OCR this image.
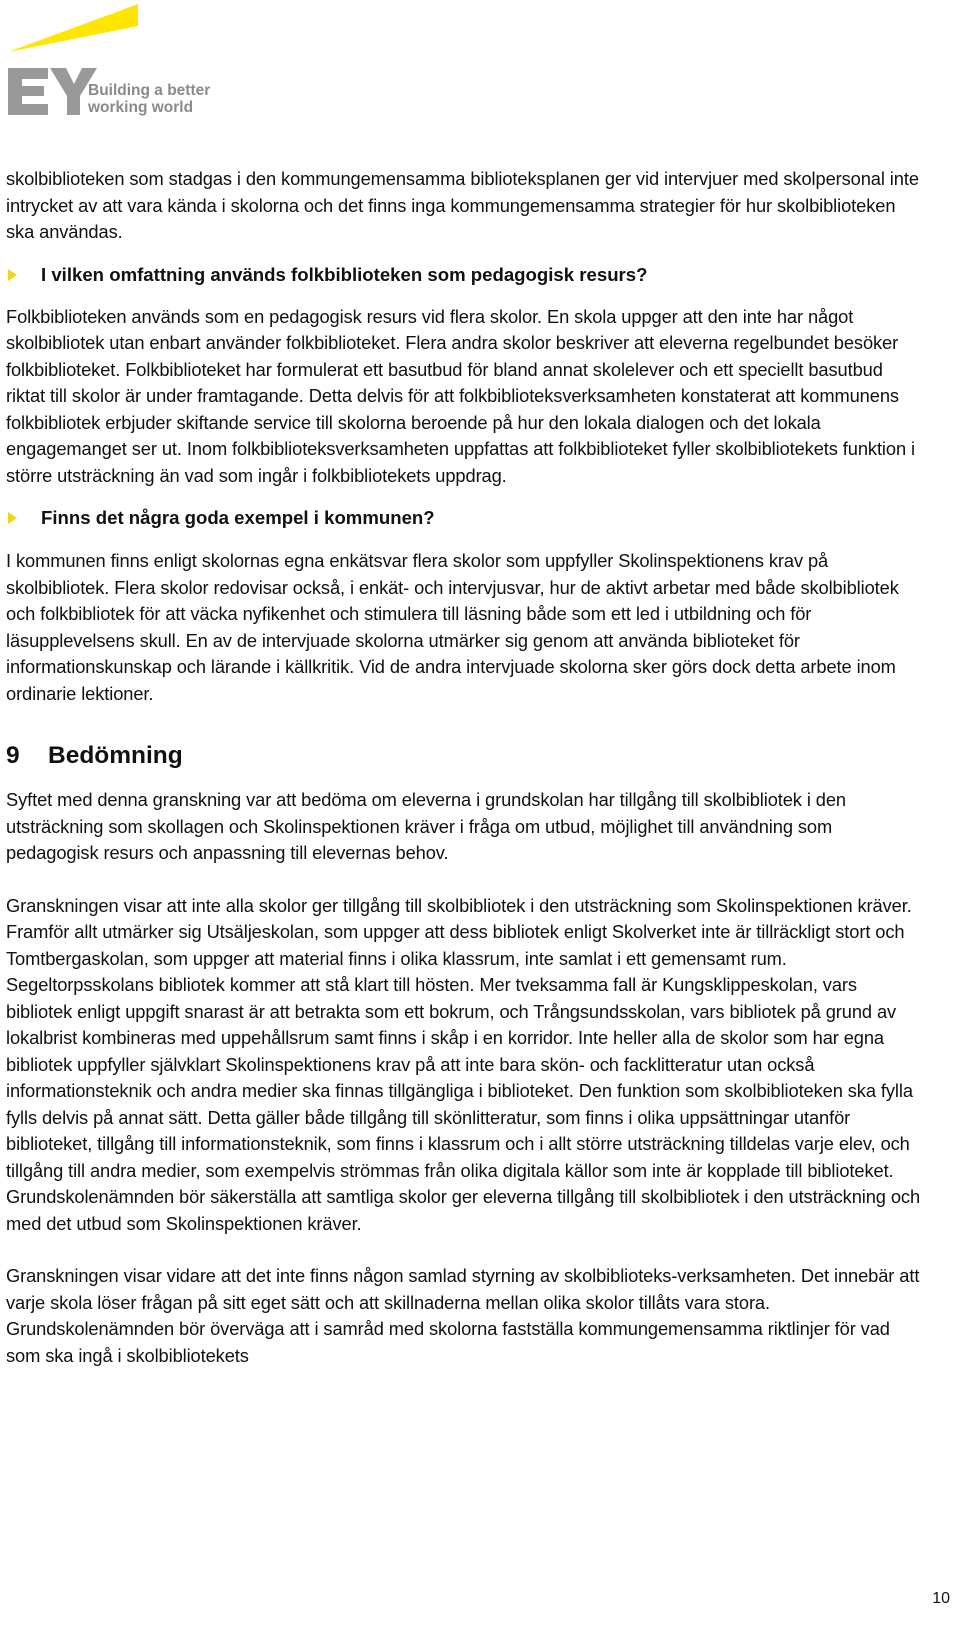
Building a better
working world

skolbiblioteken som stadgas i den kommungemensamma biblioteksplanen ger vid intervjuer med skolpersonal inte intrycket av att vara kända i skolorna och det finns inga kommungemensamma strategier för hur skolbiblioteken ska användas.

I vilken omfattning används folkbiblioteken som pedagogisk resurs?

Folkbiblioteken används som en pedagogisk resurs vid flera skolor. En skola uppger att den inte har något skolbibliotek utan enbart använder folkbiblioteket. Flera andra skolor beskriver att eleverna regelbundet besöker folkbiblioteket. Folkbiblioteket har formulerat ett basutbud för bland annat skolelever och ett speciellt basutbud riktat till skolor är under framtagande. Detta delvis för att folkbiblioteksverksamheten konstaterat att kommunens folkbibliotek erbjuder skiftande service till skolorna beroende på hur den lokala dialogen och det lokala engagemanget ser ut. Inom folkbiblioteksverksamheten uppfattas att folkbiblioteket fyller skolbibliotekets funktion i större utsträckning än vad som ingår i folkbibliotekets uppdrag.

Finns det några goda exempel i kommunen?

I kommunen finns enligt skolornas egna enkätsvar flera skolor som uppfyller Skolinspektionens krav på skolbibliotek. Flera skolor redovisar också, i enkät- och intervjusvar, hur de aktivt arbetar med både skolbibliotek och folkbibliotek för att väcka nyfikenhet och stimulera till läsning både som ett led i utbildning och för läsupplevelsens skull. En av de intervjuade skolorna utmärker sig genom att använda biblioteket för informationskunskap och lärande i källkritik. Vid de andra intervjuade skolorna sker görs dock detta arbete inom ordinarie lektioner.

9	Bedömning

Syftet med denna granskning var att bedöma om eleverna i grundskolan har tillgång till skolbibliotek i den utsträckning som skollagen och Skolinspektionen kräver i fråga om utbud, möjlighet till användning som pedagogisk resurs och anpassning till elevernas behov.

Granskningen visar att inte alla skolor ger tillgång till skolbibliotek i den utsträckning som Skolinspektionen kräver. Framför allt utmärker sig Utsäljeskolan, som uppger att dess bibliotek enligt Skolverket inte är tillräckligt stort och Tomtbergaskolan, som uppger att material finns i olika klassrum, inte samlat i ett gemensamt rum. Segeltorpsskolans bibliotek kommer att stå klart till hösten. Mer tveksamma fall är Kungsklippeskolan, vars bibliotek enligt uppgift snarast är att betrakta som ett bokrum, och Trångsundsskolan, vars bibliotek på grund av lokalbrist kombineras med uppehållsrum samt finns i skåp i en korridor. Inte heller alla de skolor som har egna bibliotek uppfyller självklart Skolinspektionens krav på att inte bara skön- och facklitteratur utan också informationsteknik och andra medier ska finnas tillgängliga i biblioteket. Den funktion som skolbiblioteken ska fylla fylls delvis på annat sätt. Detta gäller både tillgång till skönlitteratur, som finns i olika uppsättningar utanför biblioteket, tillgång till informationsteknik, som finns i klassrum och i allt större utsträckning tilldelas varje elev, och tillgång till andra medier, som exempelvis strömmas från olika digitala källor som inte är kopplade till biblioteket. Grundskolenämnden bör säkerställa att samtliga skolor ger eleverna tillgång till skolbibliotek i den utsträckning och med det utbud som Skolinspektionen kräver.

Granskningen visar vidare att det inte finns någon samlad styrning av skolbiblioteks-verksamheten. Det innebär att varje skola löser frågan på sitt eget sätt och att skillnaderna mellan olika skolor tillåts vara stora. Grundskolenämnden bör överväga att i samråd med skolorna fastställa kommungemensamma riktlinjer för vad som ska ingå i skolbibliotekets

10
